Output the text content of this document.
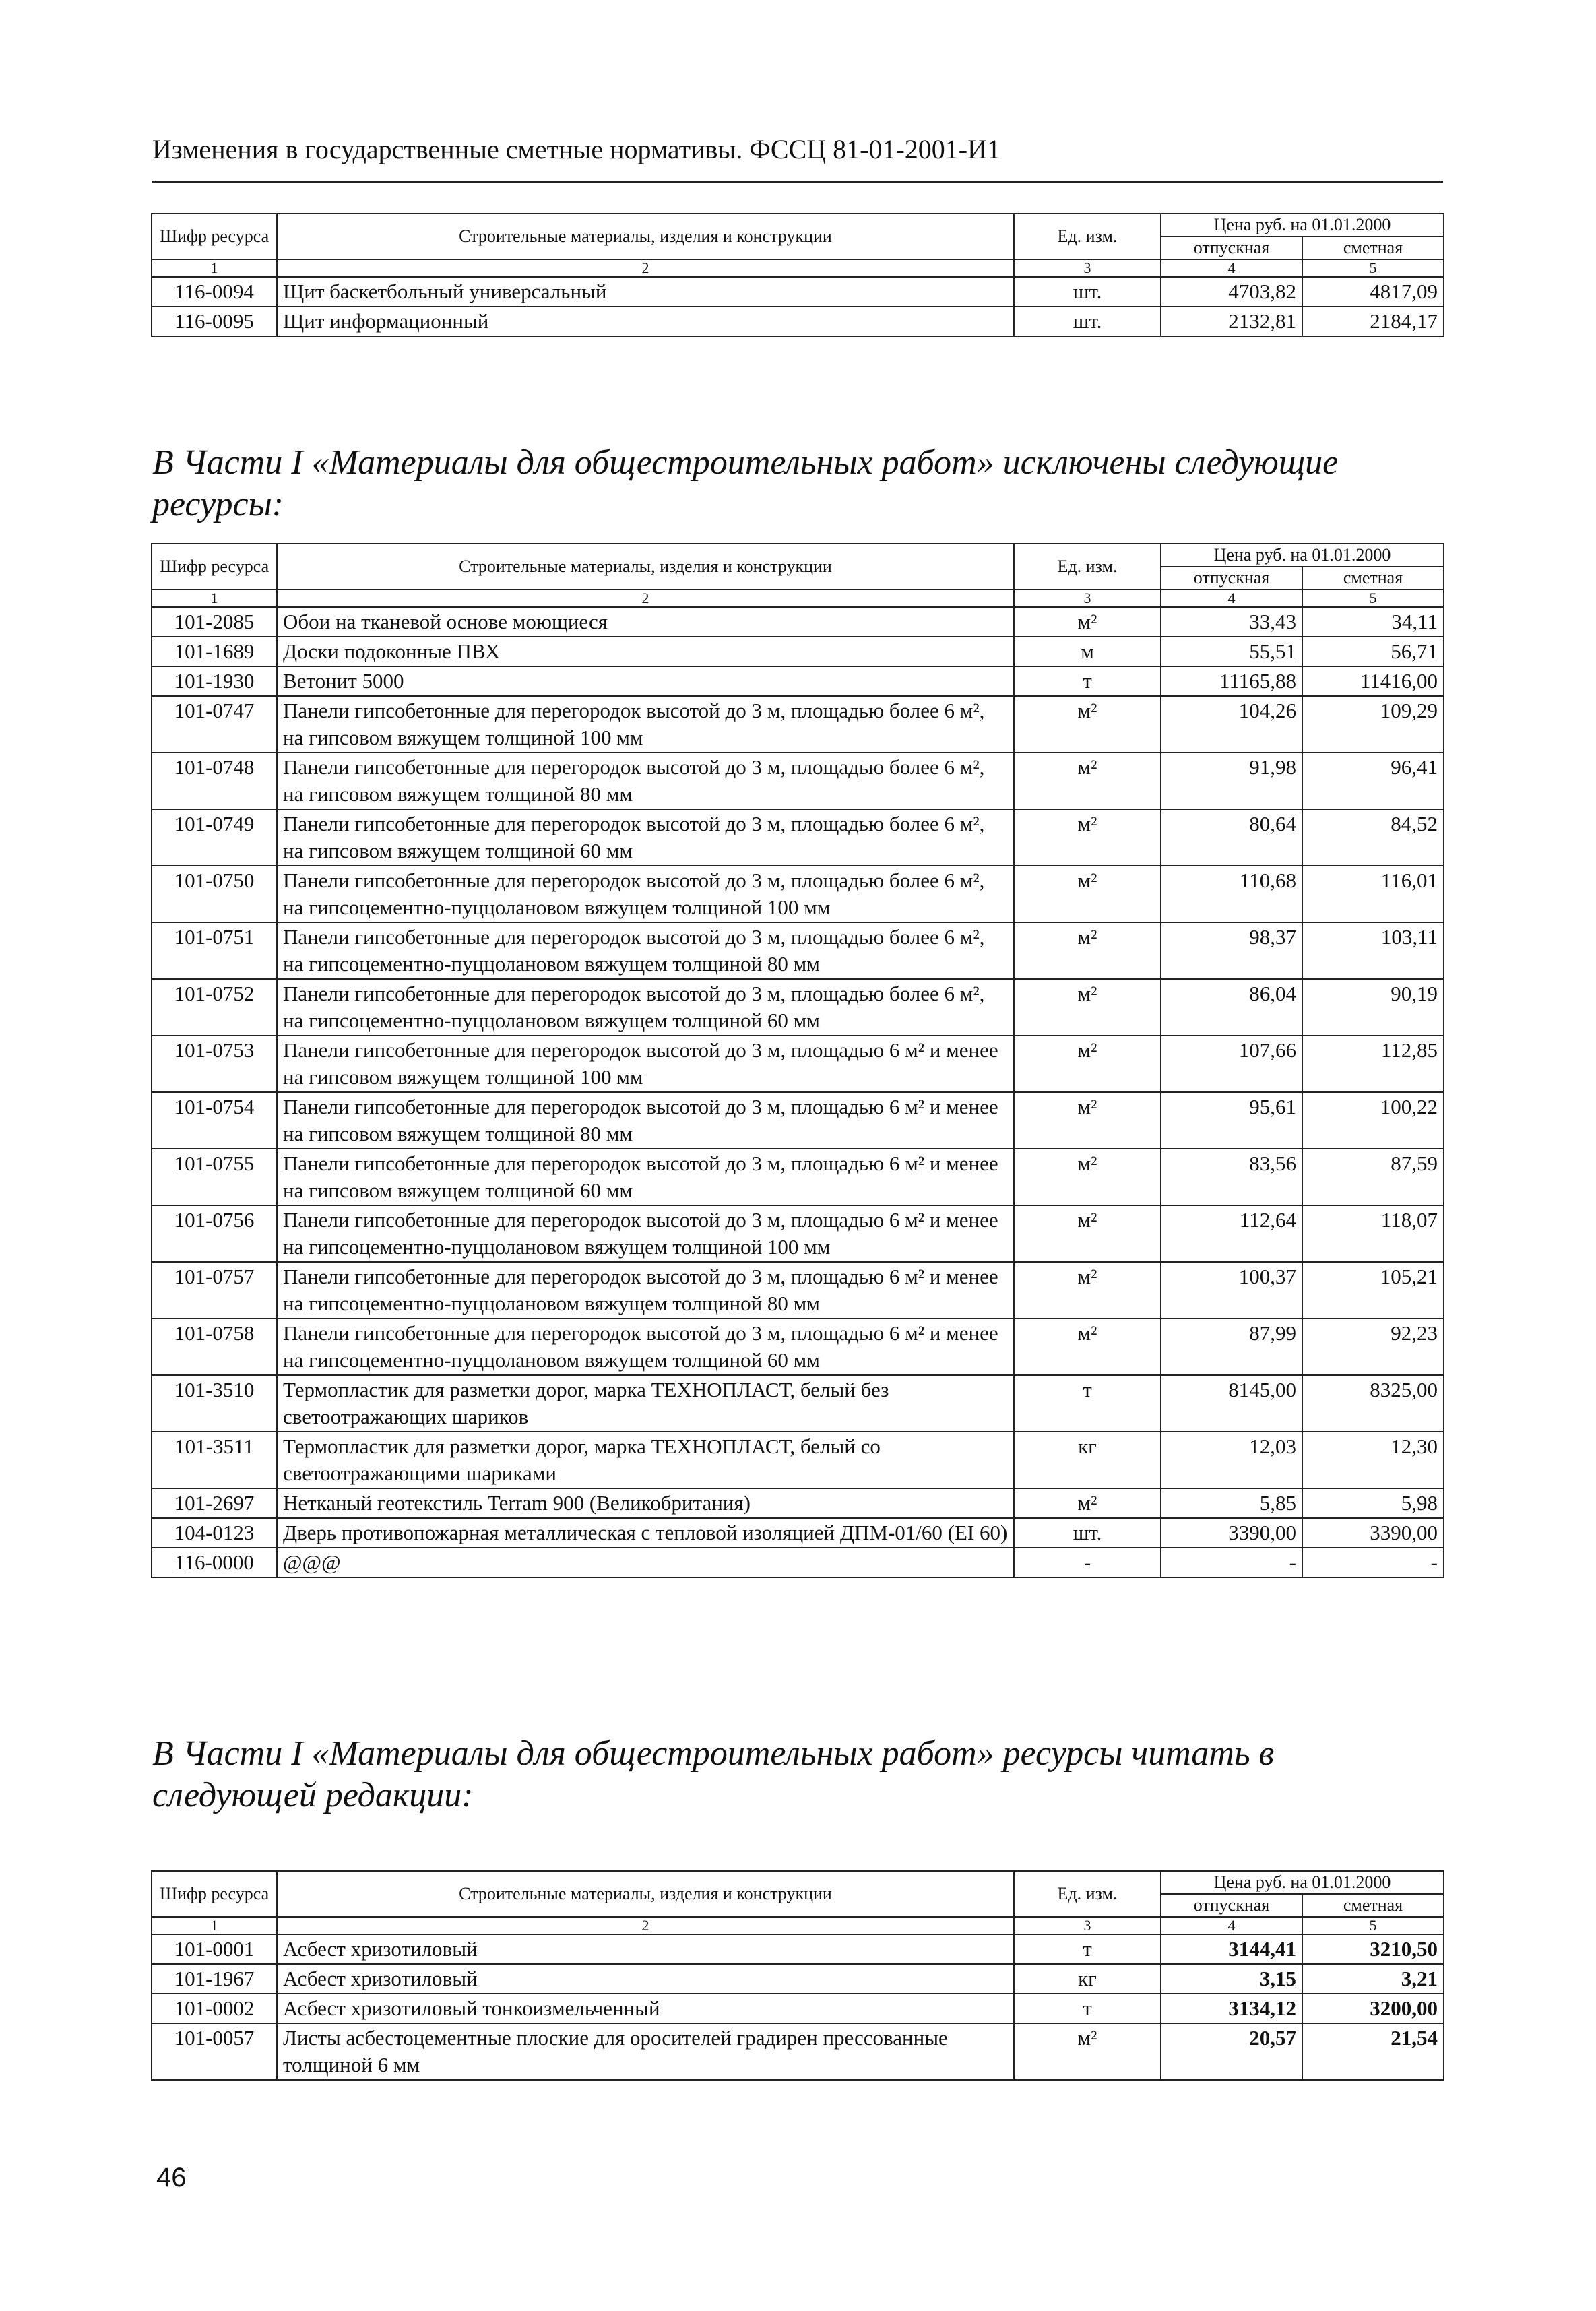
Изменения в государственные сметные нормативы. ФССЦ 81-01-2001-И1
Шифр ресурса	Строительные материалы, изделия и конструкции	Ед. изм.	Цена руб. на 01.01.2000	
			отпускная	сметная
1	2	3	4	5
116-0094	Щит баскетбольный универсальный	шт.	4703,82	4817,09
116-0095	Щит информационный	шт.	2132,81	2184,17
В Части I «Материалы для общестроительных работ» исключены следующие ресурсы:
Шифр ресурса	Строительные материалы, изделия и конструкции	Ед. изм.	Цена руб. на 01.01.2000	
			отпускная	сметная
1	2	3	4	5
101-2085	Обои на тканевой основе моющиеся	м²	33,43	34,11
101-1689	Доски подоконные ПВХ	м	55,51	56,71
101-1930	Ветонит 5000	т	11165,88	11416,00
101-0747	Панели гипсобетонные для перегородок высотой до 3 м, площадью более 6 м², на гипсовом вяжущем толщиной 100 мм	м²	104,26	109,29
101-0748	Панели гипсобетонные для перегородок высотой до 3 м, площадью более 6 м², на гипсовом вяжущем толщиной 80 мм	м²	91,98	96,41
101-0749	Панели гипсобетонные для перегородок высотой до 3 м, площадью более 6 м², на гипсовом вяжущем толщиной 60 мм	м²	80,64	84,52
101-0750	Панели гипсобетонные для перегородок высотой до 3 м, площадью более 6 м², на гипсоцементно-пуццолановом вяжущем толщиной 100 мм	м²	110,68	116,01
101-0751	Панели гипсобетонные для перегородок высотой до 3 м, площадью более 6 м², на гипсоцементно-пуццолановом вяжущем толщиной 80 мм	м²	98,37	103,11
101-0752	Панели гипсобетонные для перегородок высотой до 3 м, площадью более 6 м², на гипсоцементно-пуццолановом вяжущем толщиной 60 мм	м²	86,04	90,19
101-0753	Панели гипсобетонные для перегородок высотой до 3 м, площадью 6 м² и менее на гипсовом вяжущем толщиной 100 мм	м²	107,66	112,85
101-0754	Панели гипсобетонные для перегородок высотой до 3 м, площадью 6 м² и менее на гипсовом вяжущем толщиной 80 мм	м²	95,61	100,22
101-0755	Панели гипсобетонные для перегородок высотой до 3 м, площадью 6 м² и менее на гипсовом вяжущем толщиной 60 мм	м²	83,56	87,59
101-0756	Панели гипсобетонные для перегородок высотой до 3 м, площадью 6 м² и менее на гипсоцементно-пуццолановом вяжущем толщиной 100 мм	м²	112,64	118,07
101-0757	Панели гипсобетонные для перегородок высотой до 3 м, площадью 6 м² и менее на гипсоцементно-пуццолановом вяжущем толщиной 80 мм	м²	100,37	105,21
101-0758	Панели гипсобетонные для перегородок высотой до 3 м, площадью 6 м² и менее на гипсоцементно-пуццолановом вяжущем толщиной 60 мм	м²	87,99	92,23
101-3510	Термопластик для разметки дорог, марка ТЕХНОПЛАСТ, белый без светоотражающих шариков	т	8145,00	8325,00
101-3511	Термопластик для разметки дорог, марка ТЕХНОПЛАСТ, белый со светоотражающими шариками	кг	12,03	12,30
101-2697	Нетканый геотекстиль Terram 900 (Великобритания)	м²	5,85	5,98
104-0123	Дверь противопожарная металлическая с тепловой изоляцией ДПМ-01/60 (EI 60)	шт.	3390,00	3390,00
116-0000	@@@	-	-	-
В Части I «Материалы для общестроительных работ» ресурсы читать в следующей редакции:
Шифр ресурса	Строительные материалы, изделия и конструкции	Ед. изм.	Цена руб. на 01.01.2000	
			отпускная	сметная
1	2	3	4	5
101-0001	Асбест хризотиловый	т	3144,41	3210,50
101-1967	Асбест хризотиловый	кг	3,15	3,21
101-0002	Асбест хризотиловый тонкоизмельченный	т	3134,12	3200,00
101-0057	Листы асбестоцементные плоские для оросителей градирен прессованные толщиной 6 мм	м²	20,57	21,54
46
